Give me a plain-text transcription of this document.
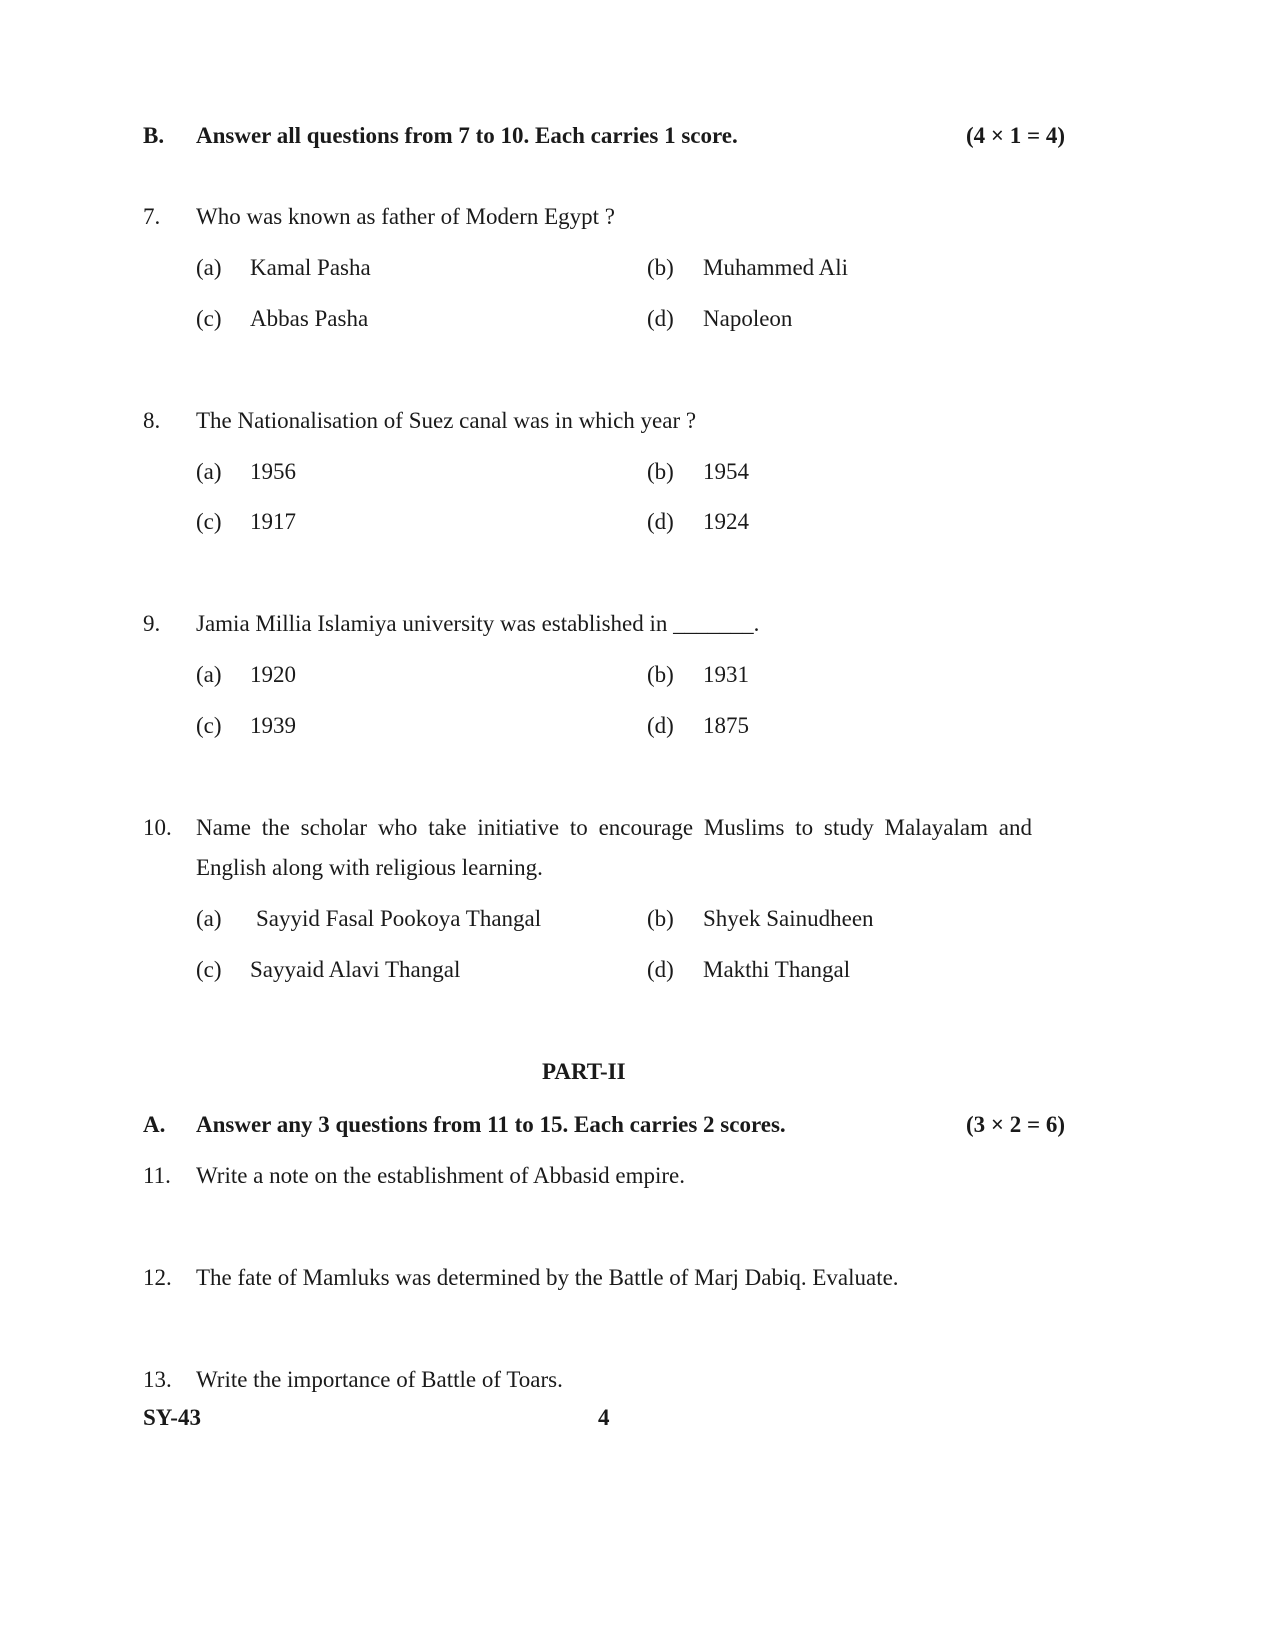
B. Answer all questions from 7 to 10. Each carries 1 score.	(4 × 1 = 4)
7. Who was known as father of Modern Egypt ?
(a) Kamal Pasha	(b) Muhammed Ali
(c) Abbas Pasha	(d) Napoleon
8. The Nationalisation of Suez canal was in which year ?
(a) 1956	(b) 1954
(c) 1917	(d) 1924
9. Jamia Millia Islamiya university was established in _______.
(a) 1920	(b) 1931
(c) 1939	(d) 1875
10. Name the scholar who take initiative to encourage Muslims to study Malayalam and
English along with religious learning.
(a) Sayyid Fasal Pookoya Thangal	(b) Shyek Sainudheen
(c) Sayyaid Alavi Thangal	(d) Makthi Thangal
PART-II
A. Answer any 3 questions from 11 to 15. Each carries 2 scores.	(3 × 2 = 6)
11. Write a note on the establishment of Abbasid empire.
12. The fate of Mamluks was determined by the Battle of Marj Dabiq. Evaluate.
13. Write the importance of Battle of Toars.
SY-43	4
